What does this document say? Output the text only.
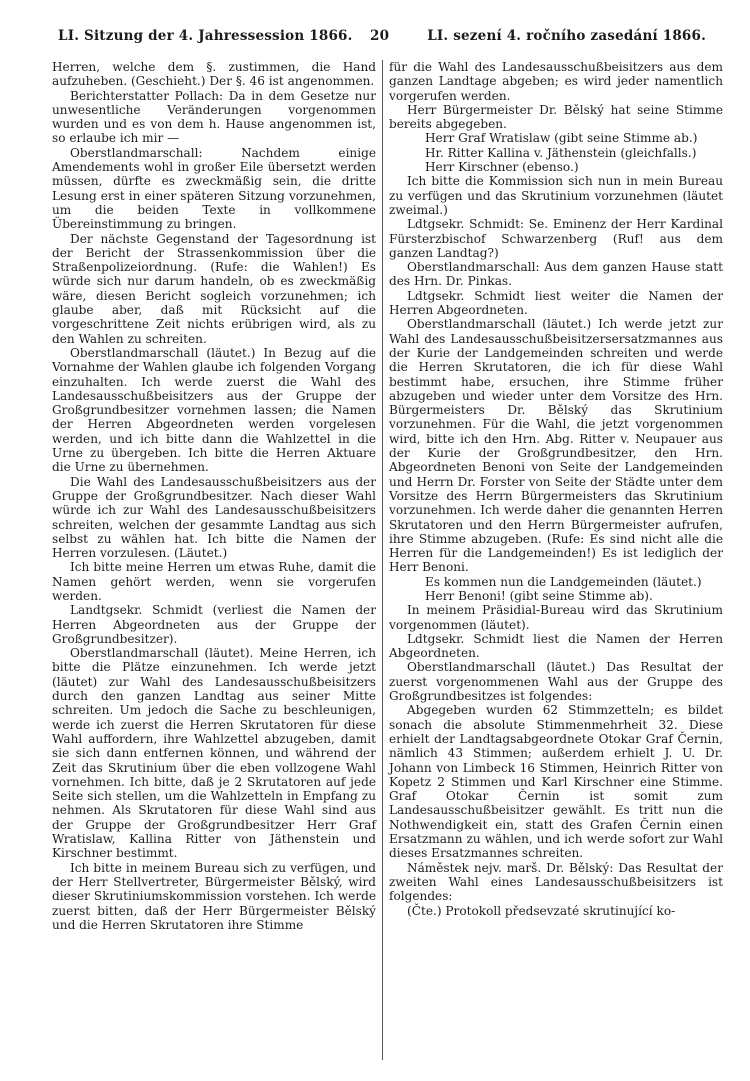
LI. Sitzung der 4. Jahressession 1866. 20	LI. sezení 4. ročního zasedání 1866.

Herren, welche dem §. zustimmen, die Hand aufzuheben. (Geschieht.) Der §. 46 ist angenommen.

Berichterstatter Pollach: Da in dem Gesetze nur unwesentliche Veränderungen vorgenommen wurden und es von dem h. Hause angenommen ist, so erlaube ich mir —

Oberstlandmarschall: Nachdem einige Amendements wohl in großer Eile übersetzt werden müssen, dürfte es zweckmäßig sein, die dritte Lesung erst in einer späteren Sitzung vorzunehmen, um die beiden Texte in vollkommene Übereinstimmung zu bringen.

Der nächste Gegenstand der Tagesordnung ist der Bericht der Strassenkommission über die Straßenpolizeiordnung. (Rufe: die Wahlen!) Es würde sich nur darum handeln, ob es zweckmäßig wäre, diesen Bericht sogleich vorzunehmen; ich glaube aber, daß mit Rücksicht auf die vorgeschrittene Zeit nichts erübrigen wird, als zu den Wahlen zu schreiten.

Oberstlandmarschall (läutet.) In Bezug auf die Vornahme der Wahlen glaube ich folgenden Vorgang einzuhalten. Ich werde zuerst die Wahl des Landesausschußbeisitzers aus der Gruppe der Großgrundbesitzer vornehmen lassen; die Namen der Herren Abgeordneten werden vorgelesen werden, und ich bitte dann die Wahlzettel in die Urne zu übergeben. Ich bitte die Herren Aktuare die Urne zu übernehmen.

Die Wahl des Landesausschußbeisitzers aus der Gruppe der Großgrundbesitzer. Nach dieser Wahl würde ich zur Wahl des Landesausschußbeisitzers schreiten, welchen der gesammte Landtag aus sich selbst zu wählen hat. Ich bitte die Namen der Herren vorzulesen. (Läutet.)

Ich bitte meine Herren um etwas Ruhe, damit die Namen gehört werden, wenn sie vorgerufen werden.

Landtgsekr. Schmidt (verliest die Namen der Herren Abgeordneten aus der Gruppe der Großgrundbesitzer).

Oberstlandmarschall (läutet). Meine Herren, ich bitte die Plätze einzunehmen. Ich werde jetzt (läutet) zur Wahl des Landesausschußbeisitzers durch den ganzen Landtag aus seiner Mitte schreiten. Um jedoch die Sache zu beschleunigen, werde ich zuerst die Herren Skrutatoren für diese Wahl auffordern, ihre Wahlzettel abzugeben, damit sie sich dann entfernen können, und während der Zeit das Skrutinium über die eben vollzogene Wahl vornehmen. Ich bitte, daß je 2 Skrutatoren auf jede Seite sich stellen, um die Wahlzetteln in Empfang zu nehmen. Als Skrutatoren für diese Wahl sind aus der Gruppe der Großgrundbesitzer Herr Graf Wratislaw, Kallina Ritter von Jäthenstein und Kirschner bestimmt.

Ich bitte in meinem Bureau sich zu verfügen, und der Herr Stellvertreter, Bürgermeister Bělský, wird dieser Skrutiniumskommission vorstehen. Ich werde zuerst bitten, daß der Herr Bürgermeister Bělský und die Herren Skrutatoren ihre Stimme

für die Wahl des Landesausschußbeisitzers aus dem ganzen Landtage abgeben; es wird jeder namentlich vorgerufen werden.

Herr Bürgermeister Dr. Bělský hat seine Stimme bereits abgegeben.

Herr Graf Wratislaw (gibt seine Stimme ab.)

Hr. Ritter Kallina v. Jäthenstein (gleichfalls.)

Herr Kirschner (ebenso.)

Ich bitte die Kommission sich nun in mein Bureau zu verfügen und das Skrutinium vorzunehmen (läutet zweimal.)

Ldtgsekr. Schmidt: Se. Eminenz der Herr Kardinal Fürsterzbischof Schwarzenberg (Ruf! aus dem ganzen Landtag?)

Oberstlandmarschall: Aus dem ganzen Hause statt des Hrn. Dr. Pinkas.

Ldtgsekr. Schmidt liest weiter die Namen der Herren Abgeordneten.

Oberstlandmarschall (läutet.) Ich werde jetzt zur Wahl des Landesausschußbeisitzersersatzmannes aus der Kurie der Landgemeinden schreiten und werde die Herren Skrutatoren, die ich für diese Wahl bestimmt habe, ersuchen, ihre Stimme früher abzugeben und wieder unter dem Vorsitze des Hrn. Bürgermeisters Dr. Bělský das Skrutinium vorzunehmen. Für die Wahl, die jetzt vorgenommen wird, bitte ich den Hrn. Abg. Ritter v. Neupauer aus der Kurie der Großgrundbesitzer, den Hrn. Abgeordneten Benoni von Seite der Landgemeinden und Herrn Dr. Forster von Seite der Städte unter dem Vorsitze des Herrn Bürgermeisters das Skrutinium vorzunehmen. Ich werde daher die genannten Herren Skrutatoren und den Herrn Bürgermeister aufrufen, ihre Stimme abzugeben. (Rufe: Es sind nicht alle die Herren für die Landgemeinden!) Es ist lediglich der Herr Benoni.

Es kommen nun die Landgemeinden (läutet.)

Herr Benoni! (gibt seine Stimme ab).

In meinem Präsidial-Bureau wird das Skrutinium vorgenommen (läutet).

Ldtgsekr. Schmidt liest die Namen der Herren Abgeordneten.

Oberstlandmarschall (läutet.) Das Resultat der zuerst vorgenommenen Wahl aus der Gruppe des Großgrundbesitzes ist folgendes:

Abgegeben wurden 62 Stimmzetteln; es bildet sonach die absolute Stimmenmehrheit 32. Diese erhielt der Landtagsabgeordnete Otokar Graf Černin, nämlich 43 Stimmen; außerdem erhielt J. U. Dr. Johann von Limbeck 16 Stimmen, Heinrich Ritter von Kopetz 2 Stimmen und Karl Kirschner eine Stimme. Graf Otokar Černin ist somit zum Landesausschußbeisitzer gewählt. Es tritt nun die Nothwendigkeit ein, statt des Grafen Černin einen Ersatzmann zu wählen, und ich werde sofort zur Wahl dieses Ersatzmannes schreiten.

Náměstek nejv. marš. Dr. Bělský: Das Resultat der zweiten Wahl eines Landesausschußbeisitzers ist folgendes:

(Čte.) Protokoll předsevzaté skrutinující ko-
